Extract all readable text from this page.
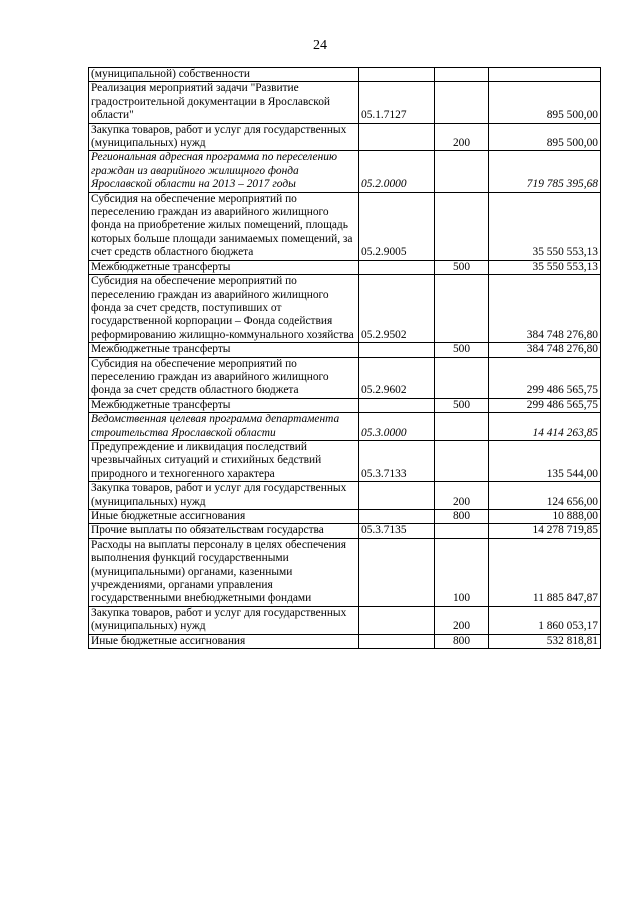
24
(муниципальной) собственности			
Реализация мероприятий задачи "Развитие градостроительной документации в Ярославской области"	05.1.7127		895 500,00
Закупка товаров, работ и услуг для государственных (муниципальных) нужд		200	895 500,00
Региональная адресная программа по переселению граждан из аварийного жилищного фонда Ярославской области на 2013 – 2017 годы	05.2.0000		719 785 395,68
Субсидия на обеспечение мероприятий по переселению граждан из аварийного жилищного фонда на приобретение жилых помещений, площадь которых больше площади занимаемых помещений, за счет средств областного бюджета	05.2.9005		35 550 553,13
Межбюджетные трансферты		500	35 550 553,13
Субсидия на обеспечение мероприятий по переселению граждан из аварийного жилищного фонда за счет средств, поступивших от государственной корпорации – Фонда содействия реформированию жилищно-коммунального хозяйства	05.2.9502		384 748 276,80
Межбюджетные трансферты		500	384 748 276,80
Субсидия на обеспечение мероприятий по переселению граждан из аварийного жилищного фонда за счет средств областного бюджета	05.2.9602		299 486 565,75
Межбюджетные трансферты		500	299 486 565,75
Ведомственная целевая программа департамента строительства Ярославской области	05.3.0000		14 414 263,85
Предупреждение и ликвидация последствий чрезвычайных ситуаций и стихийных бедствий природного и техногенного характера	05.3.7133		135 544,00
Закупка товаров, работ и услуг для государственных (муниципальных) нужд		200	124 656,00
Иные бюджетные ассигнования		800	10 888,00
Прочие выплаты по обязательствам государства	05.3.7135		14 278 719,85
Расходы на выплаты персоналу в целях обеспечения выполнения функций государственными (муниципальными) органами, казенными учреждениями, органами управления государственными внебюджетными фондами		100	11 885 847,87
Закупка товаров, работ и услуг для государственных (муниципальных) нужд		200	1 860 053,17
Иные бюджетные ассигнования		800	532 818,81
